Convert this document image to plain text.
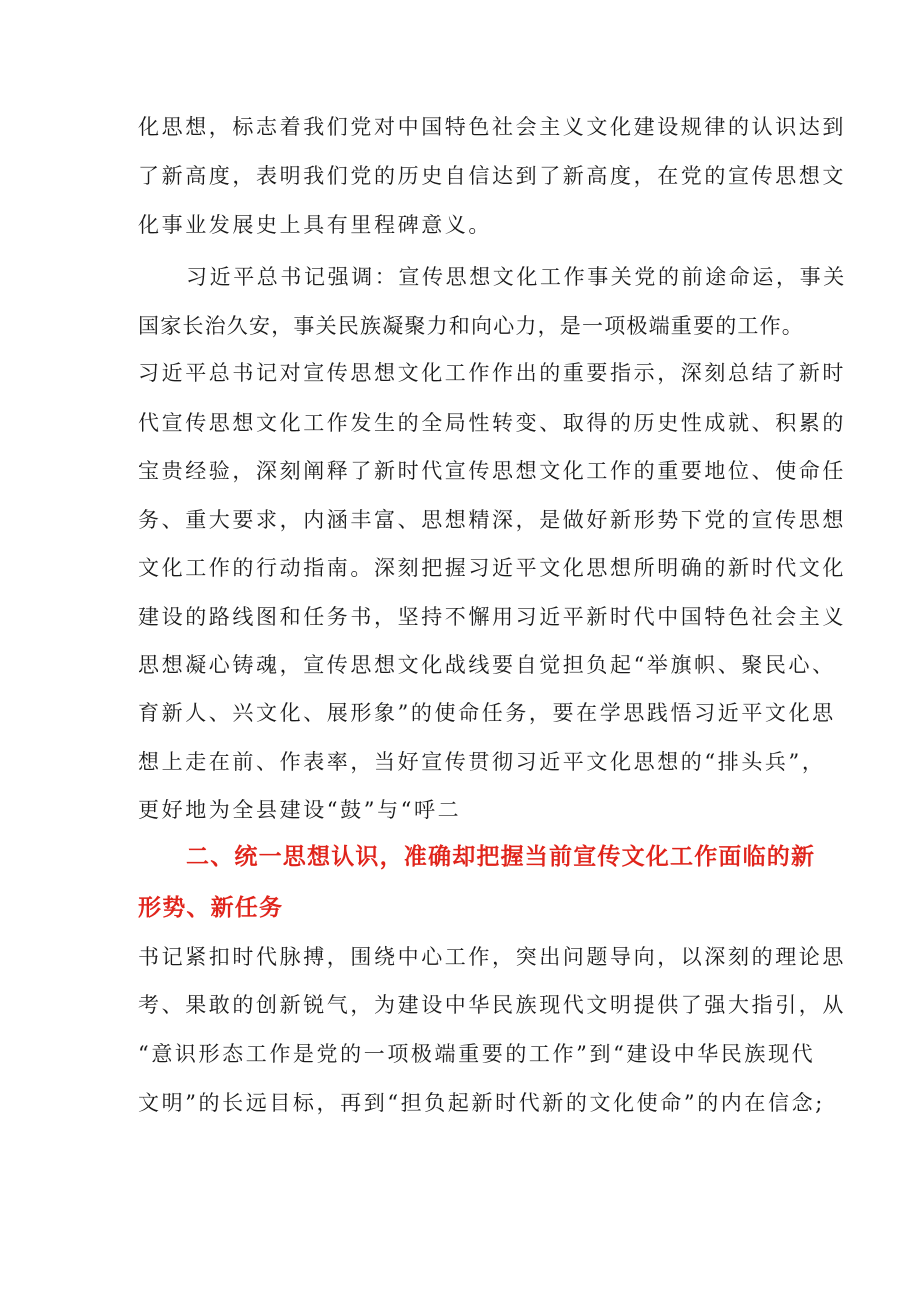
化思想，标志着我们党对中国特色社会主义文化建设规律的认识达到
了新高度，表明我们党的历史自信达到了新高度，在党的宣传思想文
化事业发展史上具有里程碑意义。
习近平总书记强调：宣传思想文化工作事关党的前途命运，事关
国家长治久安，事关民族凝聚力和向心力，是一项极端重要的工作。
习近平总书记对宣传思想文化工作作出的重要指示，深刻总结了新时
代宣传思想文化工作发生的全局性转变、取得的历史性成就、积累的
宝贵经验，深刻阐释了新时代宣传思想文化工作的重要地位、使命任
务、重大要求，内涵丰富、思想精深，是做好新形势下党的宣传思想
文化工作的行动指南。深刻把握习近平文化思想所明确的新时代文化
建设的路线图和任务书，坚持不懈用习近平新时代中国特色社会主义
思想凝心铸魂，宣传思想文化战线要自觉担负起“举旗帜、聚民心、
育新人、兴文化、展形象”的使命任务，要在学思践悟习近平文化思
想上走在前、作表率，当好宣传贯彻习近平文化思想的“排头兵”，
更好地为全县建设“鼓”与“呼二
二、统一思想认识，准确却把握当前宣传文化工作面临的新
形势、新任务
书记紧扣时代脉搏，围绕中心工作，突出问题导向，以深刻的理论思
考、果敢的创新锐气，为建设中华民族现代文明提供了强大指引，从
“意识形态工作是党的一项极端重要的工作”到“建设中华民族现代
文明”的长远目标，再到“担负起新时代新的文化使命”的内在信念;
